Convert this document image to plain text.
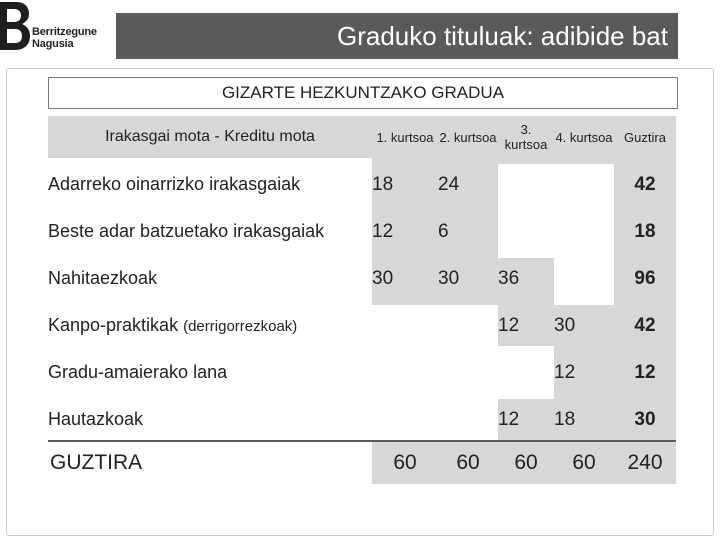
Berritzegune
Nagusia	Graduko tituluak: adibide bat
GIZARTE HEZKUNTZAKO GRADUA
Irakasgai mota - Kreditu mota	1. kurtsoa	2. kurtsoa	3. kurtsoa	4. kurtsoa	Guztira

Adarreko oinarrizko irakasgaiak	18	24			42

Beste adar batzuetako irakasgaiak	12	6			18

Nahitaezkoak	30	30	36		96

Kanpo-praktikak (derrigorrezkoak)			12	30	42

Gradu-amaierako lana				12	12

Hautazkoak			12	18	30
GUZTIRA	60	60	60	60	240
